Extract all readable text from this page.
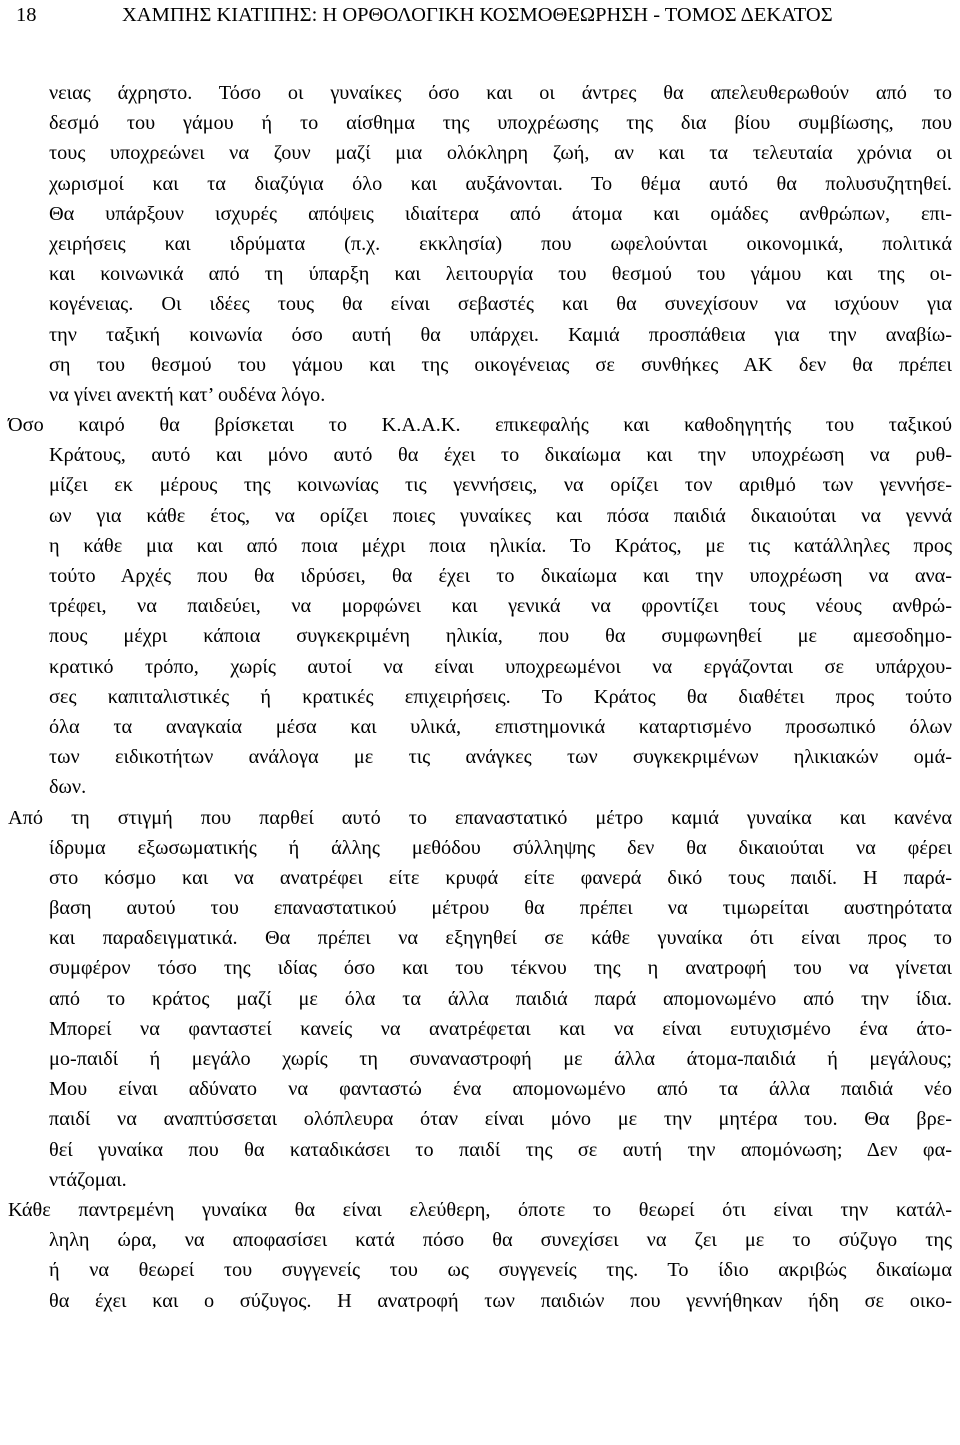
18	ΧΑΜΠΗΣ ΚΙΑΤΙΠΗΣ: Η ΟΡΘΟΛΟΓΙΚΗ ΚΟΣΜΟΘΕΩΡΗΣΗ - ΤΟΜΟΣ ΔΕΚΑΤΟΣ
νειας άχρηστο. Τόσο οι γυναίκες όσο και οι άντρες θα απελευθερωθούν από το
δεσμό του γάμου ή το αίσθημα της υποχρέωσης της δια βίου συμβίωσης, που
τους υποχρεώνει να ζουν μαζί μια ολόκληρη ζωή, αν και τα τελευταία χρόνια οι
χωρισμοί και τα διαζύγια όλο και αυξάνονται. Το θέμα αυτό θα πολυσυζητηθεί.
Θα υπάρξουν ισχυρές απόψεις ιδιαίτερα από άτομα και ομάδες ανθρώπων, επι-
χειρήσεις και ιδρύματα (π.χ. εκκλησία) που ωφελούνται οικονομικά, πολιτικά
και κοινωνικά από τη ύπαρξη και λειτουργία του θεσμού του γάμου και της οι-
κογένειας. Οι ιδέες τους θα είναι σεβαστές και θα συνεχίσουν να ισχύουν για
την ταξική κοινωνία όσο αυτή θα υπάρχει. Καμιά προσπάθεια για την αναβίω-
ση του θεσμού του γάμου και της οικογένειας σε συνθήκες ΑΚ δεν θα πρέπει
να γίνει ανεκτή κατ’ ουδένα λόγο.
Όσο καιρό θα βρίσκεται το Κ.Α.Α.Κ. επικεφαλής και καθοδηγητής του ταξικού
Κράτους, αυτό και μόνο αυτό θα έχει το δικαίωμα και την υποχρέωση να ρυθ-
μίζει εκ μέρους της κοινωνίας τις γεννήσεις, να ορίζει τον αριθμό των γεννήσε-
ων για κάθε έτος, να ορίζει ποιες γυναίκες και πόσα παιδιά δικαιούται να γεννά
η κάθε μια και από ποια μέχρι ποια ηλικία. Το Κράτος, με τις κατάλληλες προς
τούτο Αρχές που θα ιδρύσει, θα έχει το δικαίωμα και την υποχρέωση να ανα-
τρέφει, να παιδεύει, να μορφώνει και γενικά να φροντίζει τους νέους ανθρώ-
πους μέχρι κάποια συγκεκριμένη ηλικία, που θα συμφωνηθεί με αμεσοδημο-
κρατικό τρόπο, χωρίς αυτοί να είναι υποχρεωμένοι να εργάζονται σε υπάρχου-
σες καπιταλιστικές ή κρατικές επιχειρήσεις. Το Κράτος θα διαθέτει προς τούτο
όλα τα αναγκαία μέσα και υλικά, επιστημονικά καταρτισμένο προσωπικό όλων
των ειδικοτήτων ανάλογα με τις ανάγκες των συγκεκριμένων ηλικιακών ομά-
δων.
Από τη στιγμή που παρθεί αυτό το επαναστατικό μέτρο καμιά γυναίκα και κανένα
ίδρυμα εξωσωματικής ή άλλης μεθόδου σύλληψης δεν θα δικαιούται να φέρει
στο κόσμο και να ανατρέφει είτε κρυφά είτε φανερά δικό τους παιδί. Η παρά-
βαση αυτού του επαναστατικού μέτρου θα πρέπει να τιμωρείται αυστηρότατα
και παραδειγματικά. Θα πρέπει να εξηγηθεί σε κάθε γυναίκα ότι είναι προς το
συμφέρον τόσο της ιδίας όσο και του τέκνου της η ανατροφή του να γίνεται
από το κράτος μαζί με όλα τα άλλα παιδιά παρά απομονωμένο από την ίδια.
Μπορεί να φανταστεί κανείς να ανατρέφεται και να είναι ευτυχισμένο ένα άτο-
μο-παιδί ή μεγάλο χωρίς τη συναναστροφή με άλλα άτομα-παιδιά ή μεγάλους;
Μου είναι αδύνατο να φανταστώ ένα απομονωμένο από τα άλλα παιδιά νέο
παιδί να αναπτύσσεται ολόπλευρα όταν είναι μόνο με την μητέρα του. Θα βρε-
θεί γυναίκα που θα καταδικάσει το παιδί της σε αυτή την απομόνωση; Δεν φα-
ντάζομαι.
Κάθε παντρεμένη γυναίκα θα είναι ελεύθερη, όποτε το θεωρεί ότι είναι την κατάλ-
ληλη ώρα, να αποφασίσει κατά πόσο θα συνεχίσει να ζει με το σύζυγο της
ή να θεωρεί του συγγενείς του ως συγγενείς της. Το ίδιο ακριβώς δικαίωμα
θα έχει και ο σύζυγος. Η ανατροφή των παιδιών που γεννήθηκαν ήδη σε οικο-
